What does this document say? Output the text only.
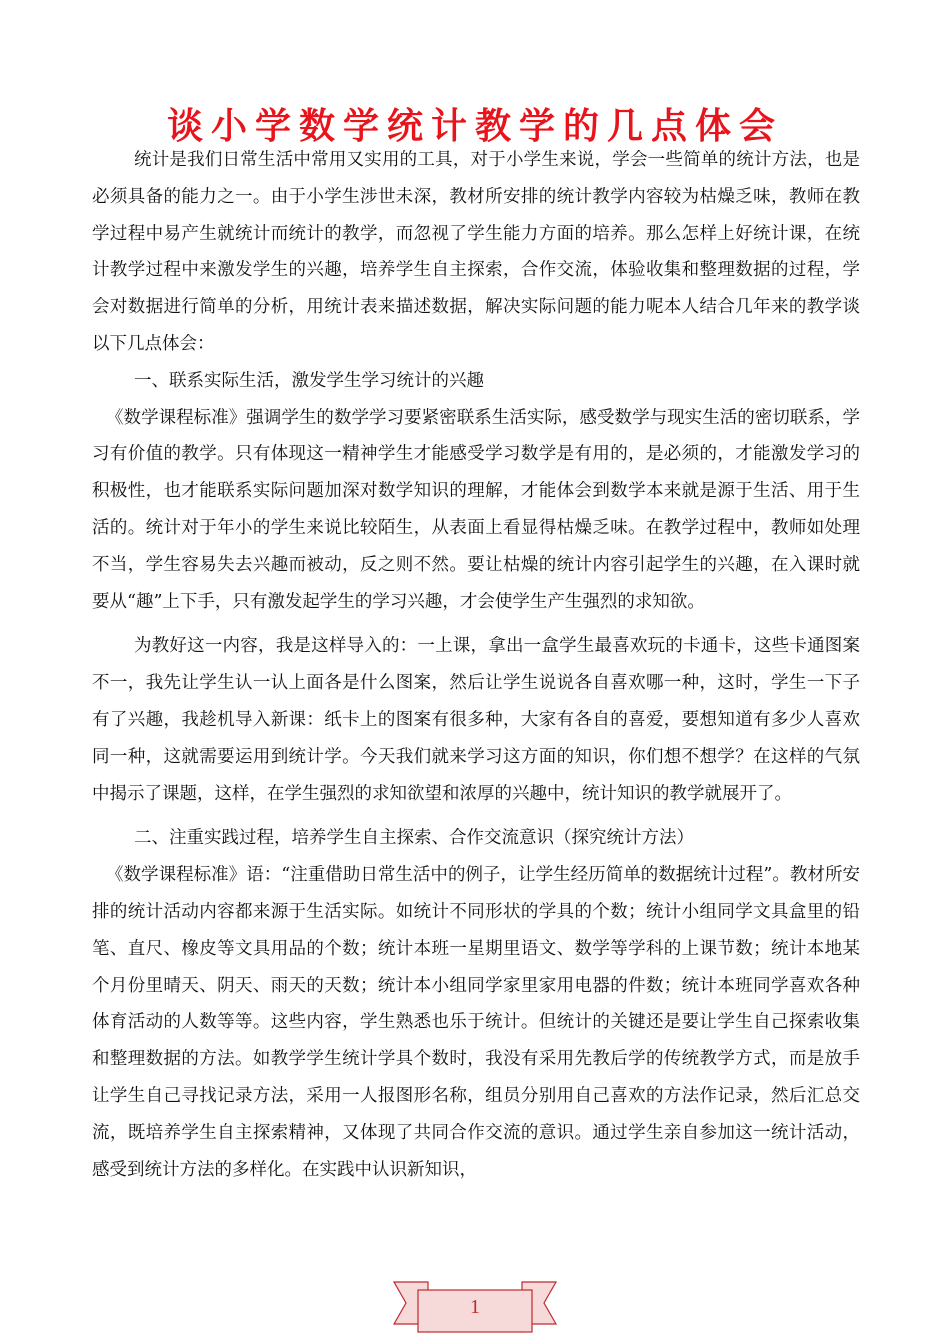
谈小学数学统计教学的几点体会

统计是我们日常生活中常用又实用的工具，对于小学生来说，学会一些简单的统计方法，也是必须具备的能力之一。由于小学生涉世未深，教材所安排的统计教学内容较为枯燥乏味，教师在教学过程中易产生就统计而统计的教学，而忽视了学生能力方面的培养。那么怎样上好统计课，在统计教学过程中来激发学生的兴趣，培养学生自主探索，合作交流，体验收集和整理数据的过程，学会对数据进行简单的分析，用统计表来描述数据，解决实际问题的能力呢本人结合几年来的教学谈以下几点体会：

一、联系实际生活，激发学生学习统计的兴趣

《数学课程标准》强调学生的数学学习要紧密联系生活实际，感受数学与现实生活的密切联系，学习有价值的教学。只有体现这一精神学生才能感受学习数学是有用的，是必须的，才能激发学习的积极性，也才能联系实际问题加深对数学知识的理解，才能体会到数学本来就是源于生活、用于生活的。统计对于年小的学生来说比较陌生，从表面上看显得枯燥乏味。在教学过程中，教师如处理不当，学生容易失去兴趣而被动，反之则不然。要让枯燥的统计内容引起学生的兴趣，在入课时就要从“趣”上下手，只有激发起学生的学习兴趣，才会使学生产生强烈的求知欲。

为教好这一内容，我是这样导入的：一上课，拿出一盒学生最喜欢玩的卡通卡，这些卡通图案不一，我先让学生认一认上面各是什么图案，然后让学生说说各自喜欢哪一种，这时，学生一下子有了兴趣，我趁机导入新课：纸卡上的图案有很多种，大家有各自的喜爱，要想知道有多少人喜欢同一种，这就需要运用到统计学。今天我们就来学习这方面的知识，你们想不想学？在这样的气氛中揭示了课题，这样，在学生强烈的求知欲望和浓厚的兴趣中，统计知识的教学就展开了。

二、注重实践过程，培养学生自主探索、合作交流意识（探究统计方法）

《数学课程标准》语：“注重借助日常生活中的例子，让学生经历简单的数据统计过程”。教材所安排的统计活动内容都来源于生活实际。如统计不同形状的学具的个数；统计小组同学文具盒里的铅笔、直尺、橡皮等文具用品的个数；统计本班一星期里语文、数学等学科的上课节数；统计本地某个月份里晴天、阴天、雨天的天数；统计本小组同学家里家用电器的件数；统计本班同学喜欢各种体育活动的人数等等。这些内容，学生熟悉也乐于统计。但统计的关键还是要让学生自己探索收集和整理数据的方法。如教学学生统计学具个数时，我没有采用先教后学的传统教学方式，而是放手让学生自己寻找记录方法，采用一人报图形名称，组员分别用自己喜欢的方法作记录，然后汇总交流，既培养学生自主探索精神，又体现了共同合作交流的意识。通过学生亲自参加这一统计活动，感受到统计方法的多样化。在实践中认识新知识，

1
